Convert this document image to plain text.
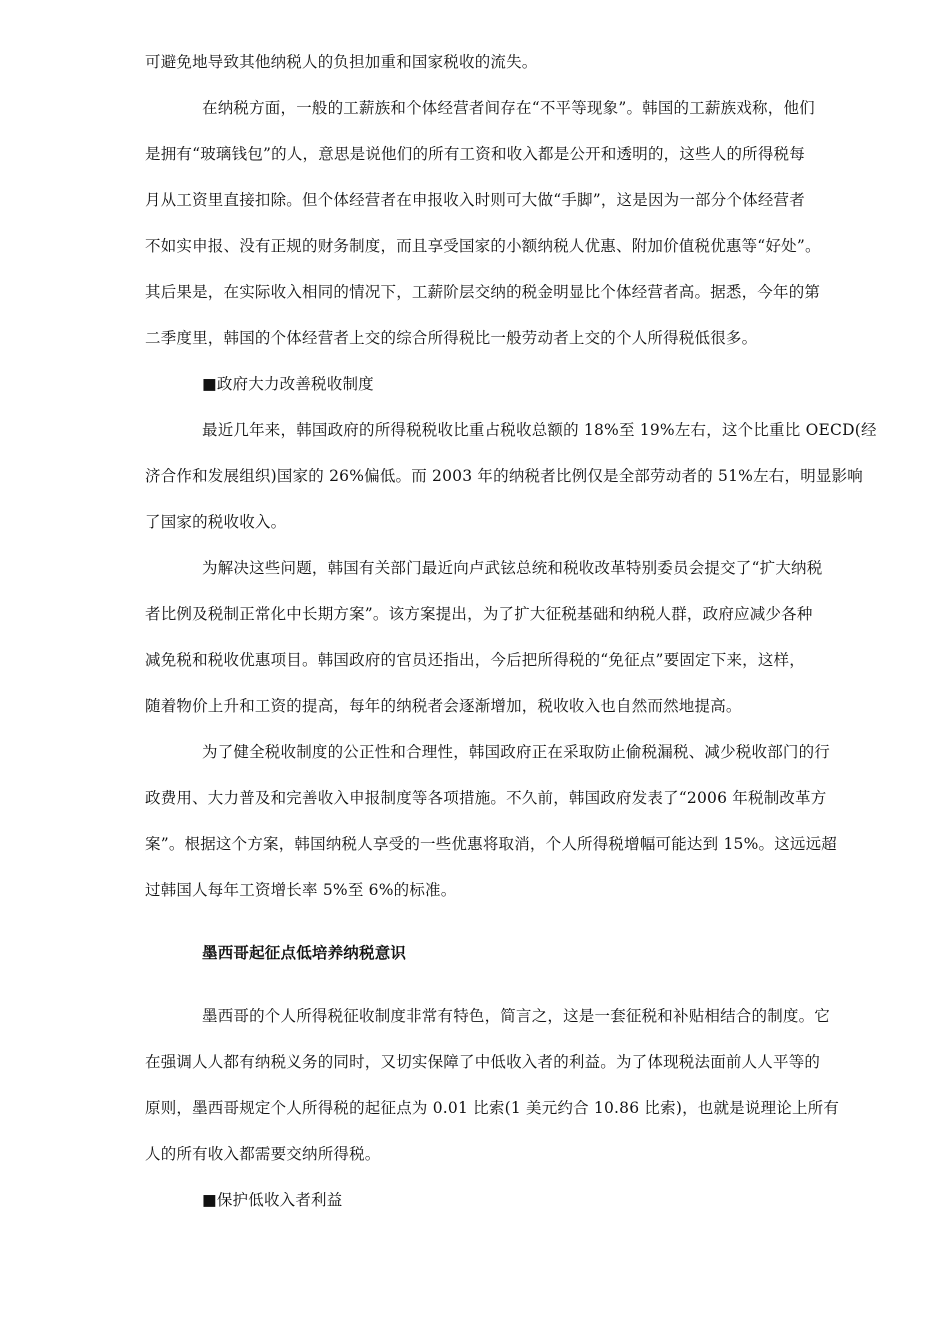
可避免地导致其他纳税人的负担加重和国家税收的流失。

在纳税方面，一般的工薪族和个体经营者间存在“不平等现象”。韩国的工薪族戏称，他们

是拥有“玻璃钱包”的人，意思是说他们的所有工资和收入都是公开和透明的，这些人的所得税每

月从工资里直接扣除。但个体经营者在申报收入时则可大做“手脚”，这是因为一部分个体经营者

不如实申报、没有正规的财务制度，而且享受国家的小额纳税人优惠、附加价值税优惠等“好处”。

其后果是，在实际收入相同的情况下，工薪阶层交纳的税金明显比个体经营者高。据悉，今年的第

二季度里，韩国的个体经营者上交的综合所得税比一般劳动者上交的个人所得税低很多。

■政府大力改善税收制度

最近几年来，韩国政府的所得税税收比重占税收总额的 18%至 19%左右，这个比重比 OECD(经

济合作和发展组织)国家的 26%偏低。而 2003 年的纳税者比例仅是全部劳动者的 51%左右，明显影响

了国家的税收收入。

为解决这些问题，韩国有关部门最近向卢武铉总统和税收改革特别委员会提交了“扩大纳税

者比例及税制正常化中长期方案”。该方案提出，为了扩大征税基础和纳税人群，政府应减少各种

减免税和税收优惠项目。韩国政府的官员还指出，今后把所得税的“免征点”要固定下来，这样，

随着物价上升和工资的提高，每年的纳税者会逐渐增加，税收收入也自然而然地提高。

为了健全税收制度的公正性和合理性，韩国政府正在采取防止偷税漏税、减少税收部门的行

政费用、大力普及和完善收入申报制度等各项措施。不久前，韩国政府发表了“2006 年税制改革方

案”。根据这个方案，韩国纳税人享受的一些优惠将取消，个人所得税增幅可能达到 15%。这远远超

过韩国人每年工资增长率 5%至 6%的标准。

墨西哥起征点低培养纳税意识

墨西哥的个人所得税征收制度非常有特色，简言之，这是一套征税和补贴相结合的制度。它

在强调人人都有纳税义务的同时，又切实保障了中低收入者的利益。为了体现税法面前人人平等的

原则，墨西哥规定个人所得税的起征点为 0.01 比索(1 美元约合 10.86 比索)，也就是说理论上所有

人的所有收入都需要交纳所得税。

■保护低收入者利益
